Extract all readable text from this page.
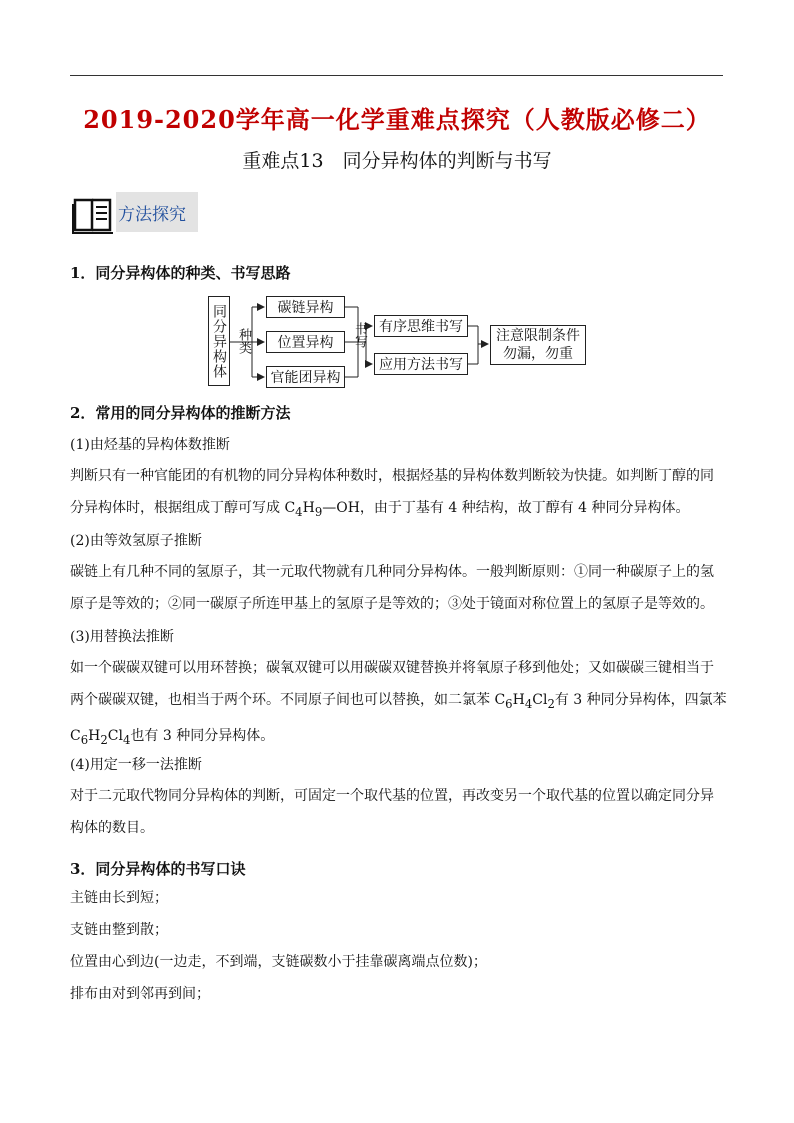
2019-2020学年高一化学重难点探究（人教版必修二）
重难点13　同分异构体的判断与书写
方法探究
1．同分异构体的种类、书写思路
同分异构体 种类
碳链异构
位置异构
官能团异构
书写 有序思维书写
应用方法书写
注意限制条件
勿漏，勿重
2．常用的同分异构体的推断方法
(1)由烃基的异构体数推断
判断只有一种官能团的有机物的同分异构体种数时，根据烃基的异构体数判断较为快捷。如判断丁醇的同
分异构体时，根据组成丁醇可写成 $C_4H_9—OH$，由于丁基有 4 种结构，故丁醇有 4 种同分异构体。
(2)由等效氢原子推断
碳链上有几种不同的氢原子，其一元取代物就有几种同分异构体。一般判断原则：①同一种碳原子上的氢
原子是等效的；②同一碳原子所连甲基上的氢原子是等效的；③处于镜面对称位置上的氢原子是等效的。
(3)用替换法推断
如一个碳碳双键可以用环替换；碳氧双键可以用碳碳双键替换并将氧原子移到他处；又如碳碳三键相当于
两个碳碳双键，也相当于两个环。不同原子间也可以替换，如二氯苯 $C_6H_4Cl_2$有 3 种同分异构体，四氯苯
$C_6H_2Cl_4$也有 3 种同分异构体。
(4)用定一移一法推断
对于二元取代物同分异构体的判断，可固定一个取代基的位置，再改变另一个取代基的位置以确定同分异
构体的数目。
3．同分异构体的书写口诀
主链由长到短；
支链由整到散；
位置由心到边(一边走，不到端，支链碳数小于挂靠碳离端点位数)；
排布由对到邻再到间；
